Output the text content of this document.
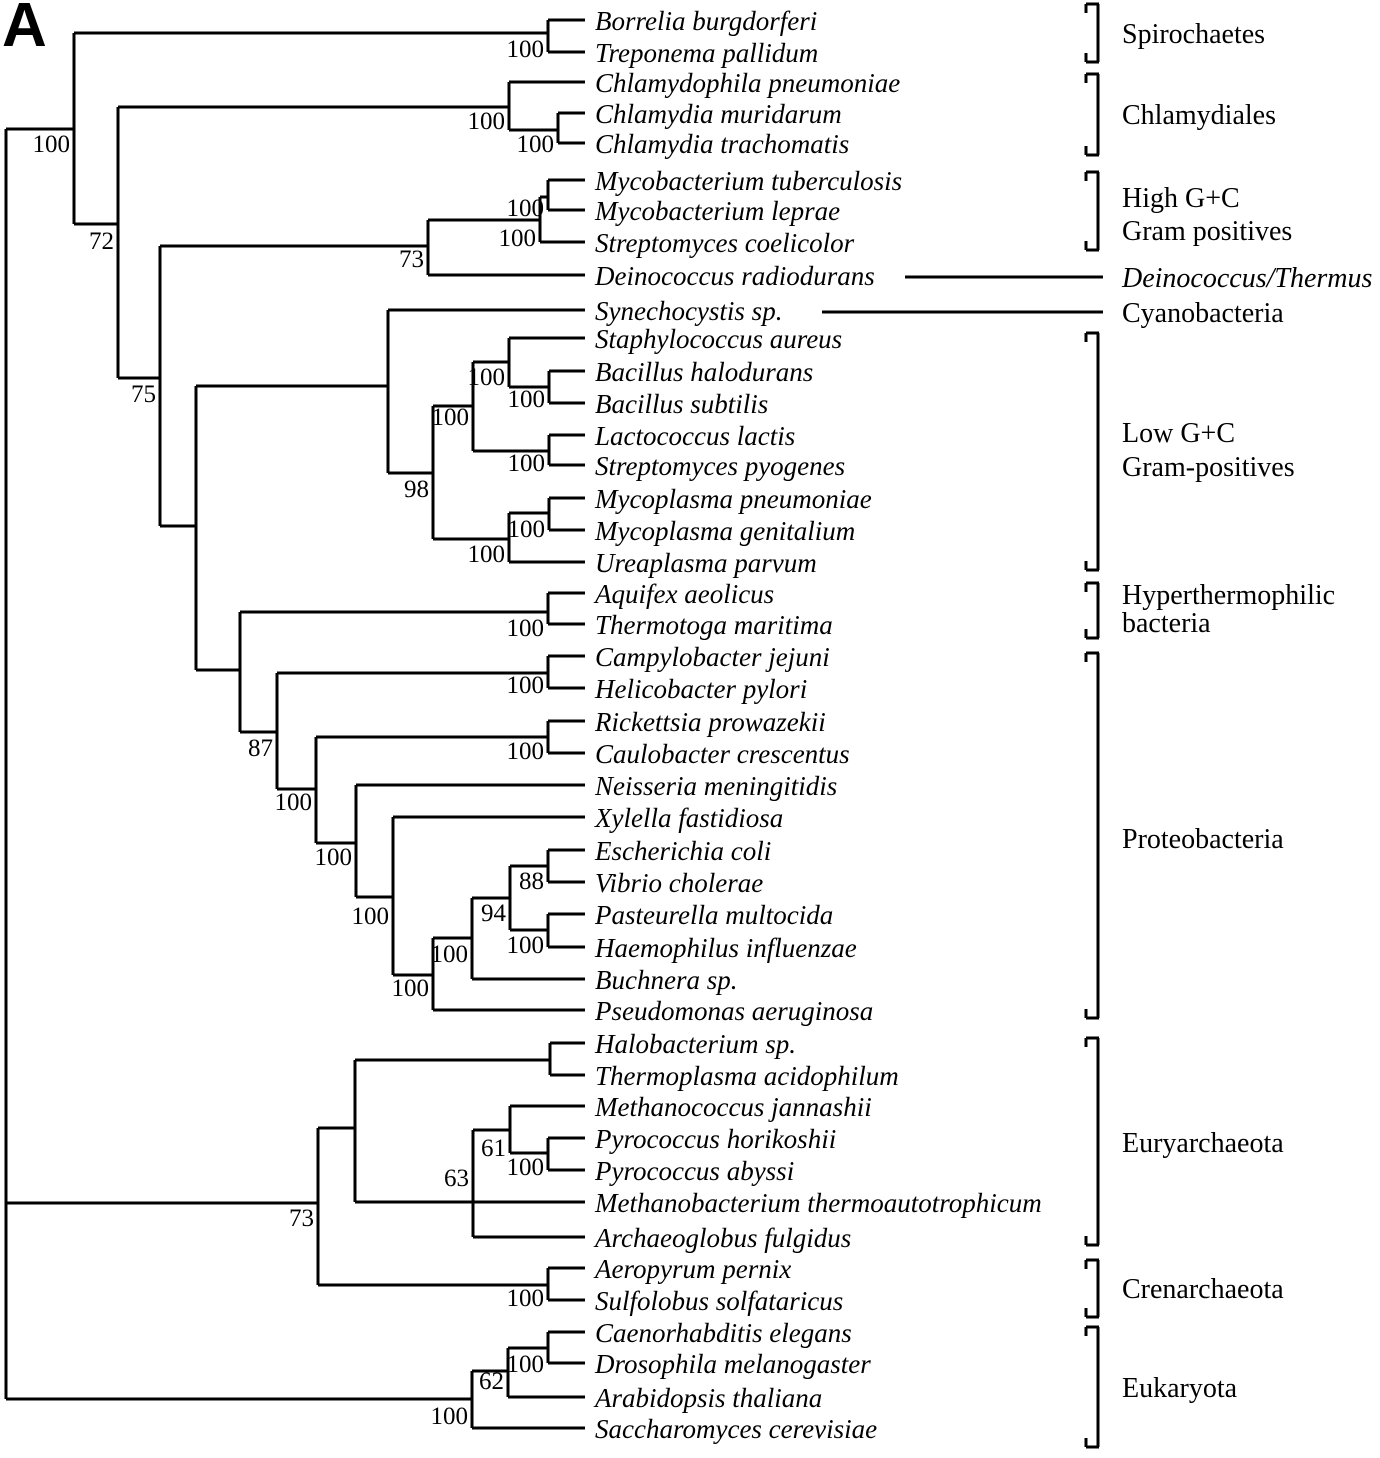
A	Borrelia burgdorferi
Treponema pallidum
Chlamydophila pneumoniae
Chlamydia muridarum
Chlamydia trachomatis
Mycobacterium tuberculosis
Mycobacterium leprae
Streptomyces coelicolor
Deinococcus radiodurans
Synechocystis sp.
Staphylococcus aureus
Bacillus halodurans
Bacillus subtilis
Lactococcus lactis
Streptomyces pyogenes
Mycoplasma pneumoniae
Mycoplasma genitalium
Ureaplasma parvum
Aquifex aeolicus
Thermotoga maritima
Campylobacter jejuni
Helicobacter pylori
Rickettsia prowazekii
Caulobacter crescentus
Neisseria meningitidis
Xylella fastidiosa
Escherichia coli
Vibrio cholerae
Pasteurella multocida
Haemophilus influenzae
Buchnera sp.
Pseudomonas aeruginosa
Halobacterium sp.
Thermoplasma acidophilum
Methanococcus jannashii
Pyrococcus horikoshii
Pyrococcus abyssi
Methanobacterium thermoautotrophicum
Archaeoglobus fulgidus
Aeropyrum pernix
Sulfolobus solfataricus
Caenorhabditis elegans
Drosophila melanogaster
Arabidopsis thaliana
Saccharomyces cerevisiae
100
100
72
100
100
75
73
100
100
98
100
100
100
100
100
100
100
87
100
100
100
100
100
100
100
94
88
100
73
63
61
100
100
100
62
100
Spirochaetes
Chlamydiales
High G+C
Gram positives
Deinococcus/Thermus
Cyanobacteria
Low G+C
Gram-positives
Hyperthermophilic
bacteria
Proteobacteria
Euryarchaeota
Crenarchaeota
Eukaryota
